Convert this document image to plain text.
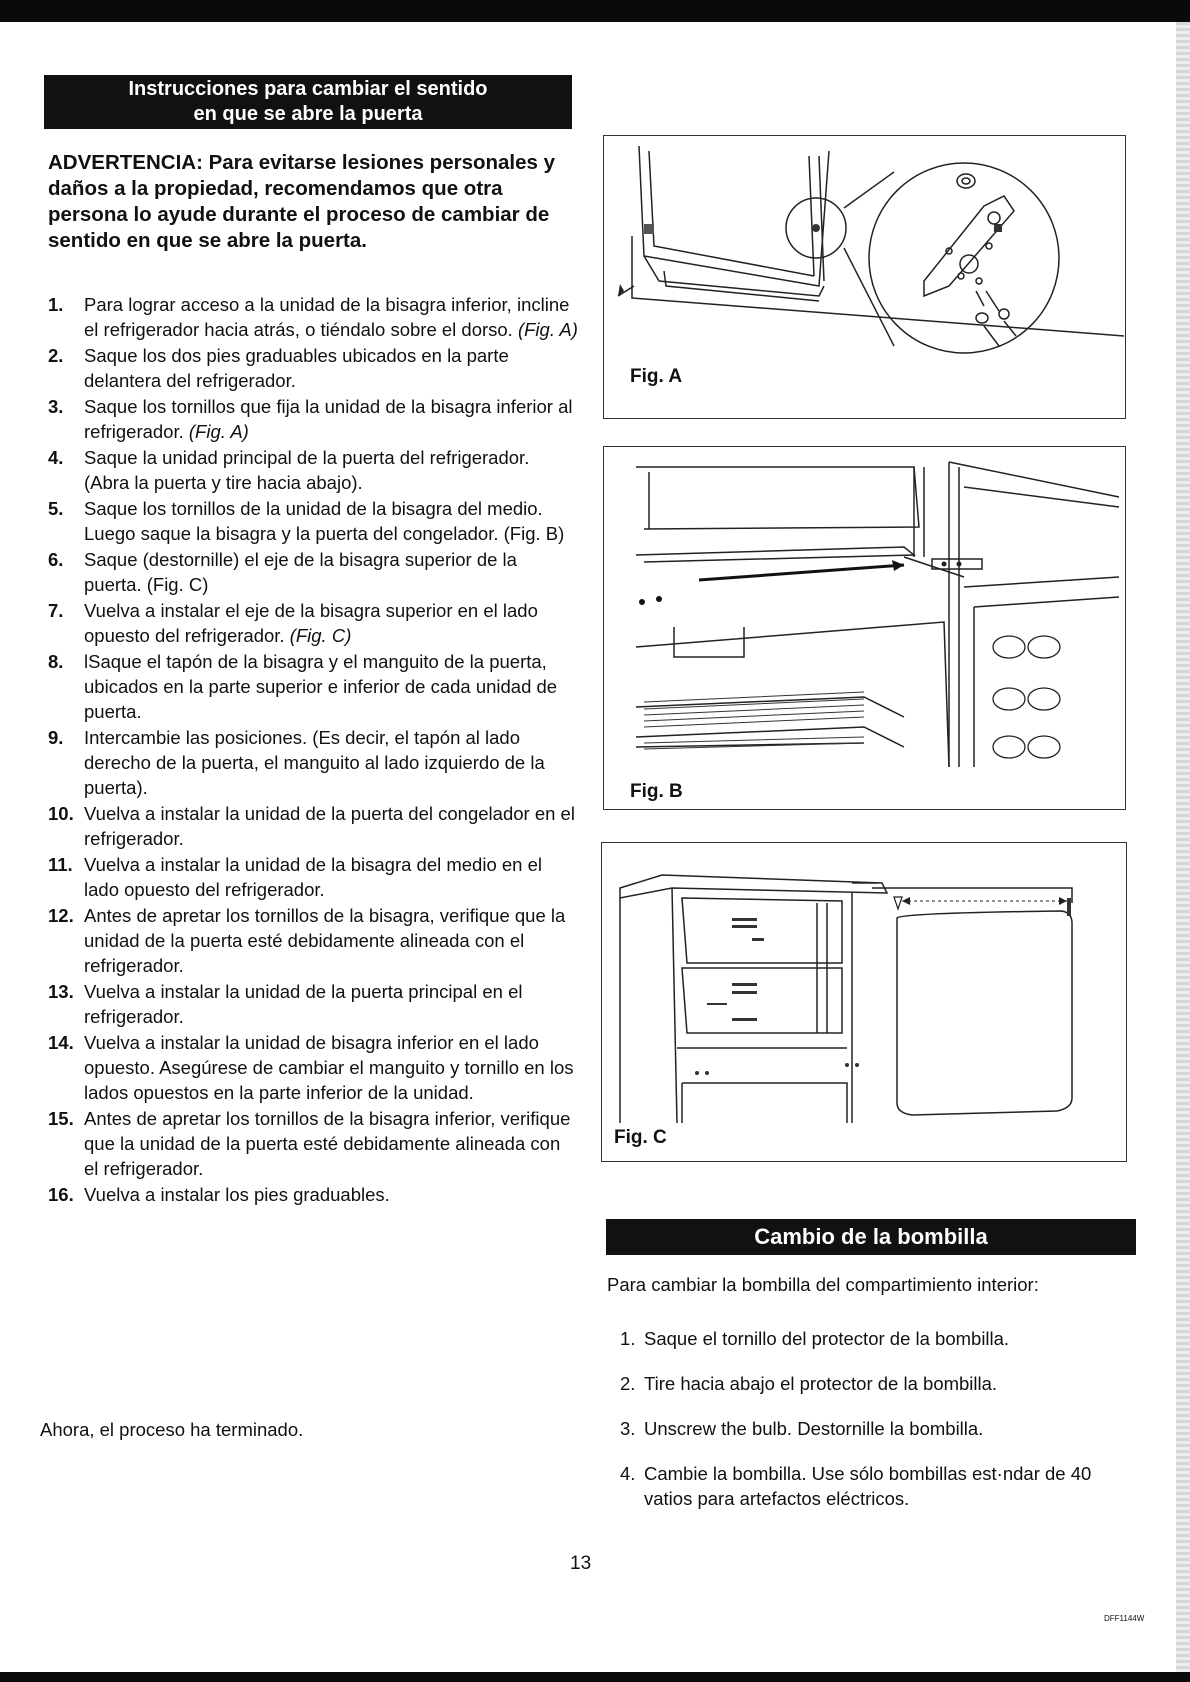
Instrucciones para cambiar el sentido
en que se abre la puerta
ADVERTENCIA: Para evitarse lesiones personales y daños a la propiedad, recomendamos que otra persona lo ayude durante el proceso de cambiar de sentido en que se abre la puerta.
1. Para lograr acceso a la unidad de la bisagra inferior, incline el refrigerador hacia atrás, o tiéndalo sobre el dorso. (Fig. A)
2. Saque los dos pies graduables ubicados en la parte delantera del refrigerador.
3. Saque los tornillos que fija la unidad de la bisagra inferior al refrigerador. (Fig. A)
4. Saque la unidad principal de la puerta del refrigerador. (Abra la puerta y tire hacia abajo).
5. Saque los tornillos de la unidad de la bisagra del medio. Luego saque la bisagra y la puerta del congelador. (Fig. B)
6. Saque (destornille) el eje de la bisagra superior de la puerta. (Fig. C)
7. Vuelva a instalar el eje de la bisagra superior en el lado opuesto del refrigerador. (Fig. C)
8. lSaque el tapón de la bisagra y el manguito de la puerta, ubicados en la parte superior e inferior de cada unidad de puerta.
9. Intercambie las posiciones. (Es decir, el tapón al lado derecho de la puerta, el manguito al lado izquierdo de la puerta).
10. Vuelva a instalar la unidad de la puerta del congelador en el refrigerador.
11. Vuelva a instalar la unidad de la bisagra del medio en el lado opuesto del refrigerador.
12. Antes de apretar los tornillos de la bisagra, verifique que la unidad de la puerta esté debidamente alineada con el refrigerador.
13. Vuelva a instalar la unidad de la puerta principal en el refrigerador.
14. Vuelva a instalar la unidad de bisagra inferior en el lado opuesto. Asegúrese de cambiar el manguito y tornillo en los lados opuestos en la parte inferior de la unidad.
15. Antes de apretar los tornillos de la bisagra inferior, verifique que la unidad de la puerta esté debidamente alineada con el refrigerador.
16. Vuelva a instalar los pies graduables.
Ahora, el proceso ha terminado.
Fig. A
Fig. B
Fig. C
Cambio de la bombilla
Para cambiar la bombilla del compartimiento interior:
1. Saque el tornillo del protector de la bombilla.
2. Tire hacia abajo el protector de la bombilla.
3. Unscrew the bulb. Destornille la bombilla.
4. Cambie la bombilla. Use sólo bombillas est·ndar de 40 vatios para artefactos eléctricos.
13
DFF1144W
